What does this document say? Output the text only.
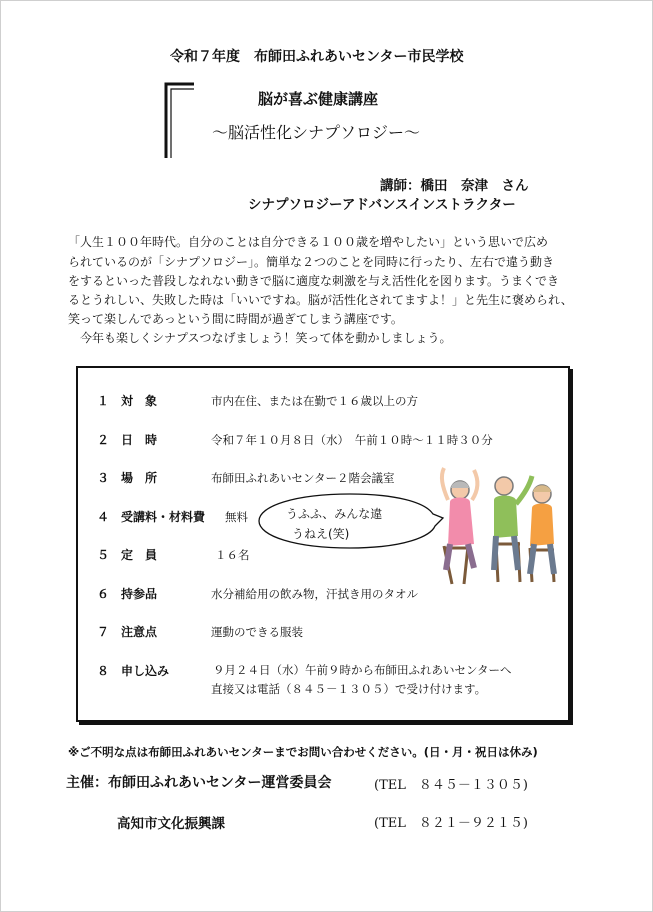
令和７年度　布師田ふれあいセンター市民学校
脳が喜ぶ健康講座
～脳活性化シナプソロジー～
講師：橋田　奈津　さん
シナプソロジーアドバンスインストラクター
「人生１００年時代。自分のことは自分できる１００歳を増やしたい」という思いで広め
られているのが「シナプソロジー」。簡単な２つのことを同時に行ったり、左右で違う動き
をするといった普段しなれない動きで脳に適度な刺激を与え活性化を図ります。うまくでき
るとうれしい、失敗した時は「いいですね。脳が活性化されてますよ！」と先生に褒められ、
笑って楽しんであっという間に時間が過ぎてしまう講座です。
　今年も楽しくシナプスつなげましょう！笑って体を動かしましょう。
１ 対　象	市内在住、または在勤で１６歳以上の方
２ 日　時	令和７年１０月８日（水）　午前１０時～１１時３０分
３ 場　所	布師田ふれあいセンター２階会議室
４ 受講料・材料費 無料
５ 定　員	１６名
６ 持参品	水分補給用の飲み物，汗拭き用のタオル
７ 注意点	運動のできる服装
８ 申し込み	９月２４日（水）午前９時から布師田ふれあいセンターへ
直接又は電話（８４５－１３０５）で受け付けます。
うふふ、みんな違
うねえ(笑)
※ご不明な点は布師田ふれあいセンターまでお問い合わせください。(日・月・祝日は休み)
主催：布師田ふれあいセンター運営委員会	(TEL　８４５－１３０５)
高知市文化振興課	(TEL　８２１－９２１５)
